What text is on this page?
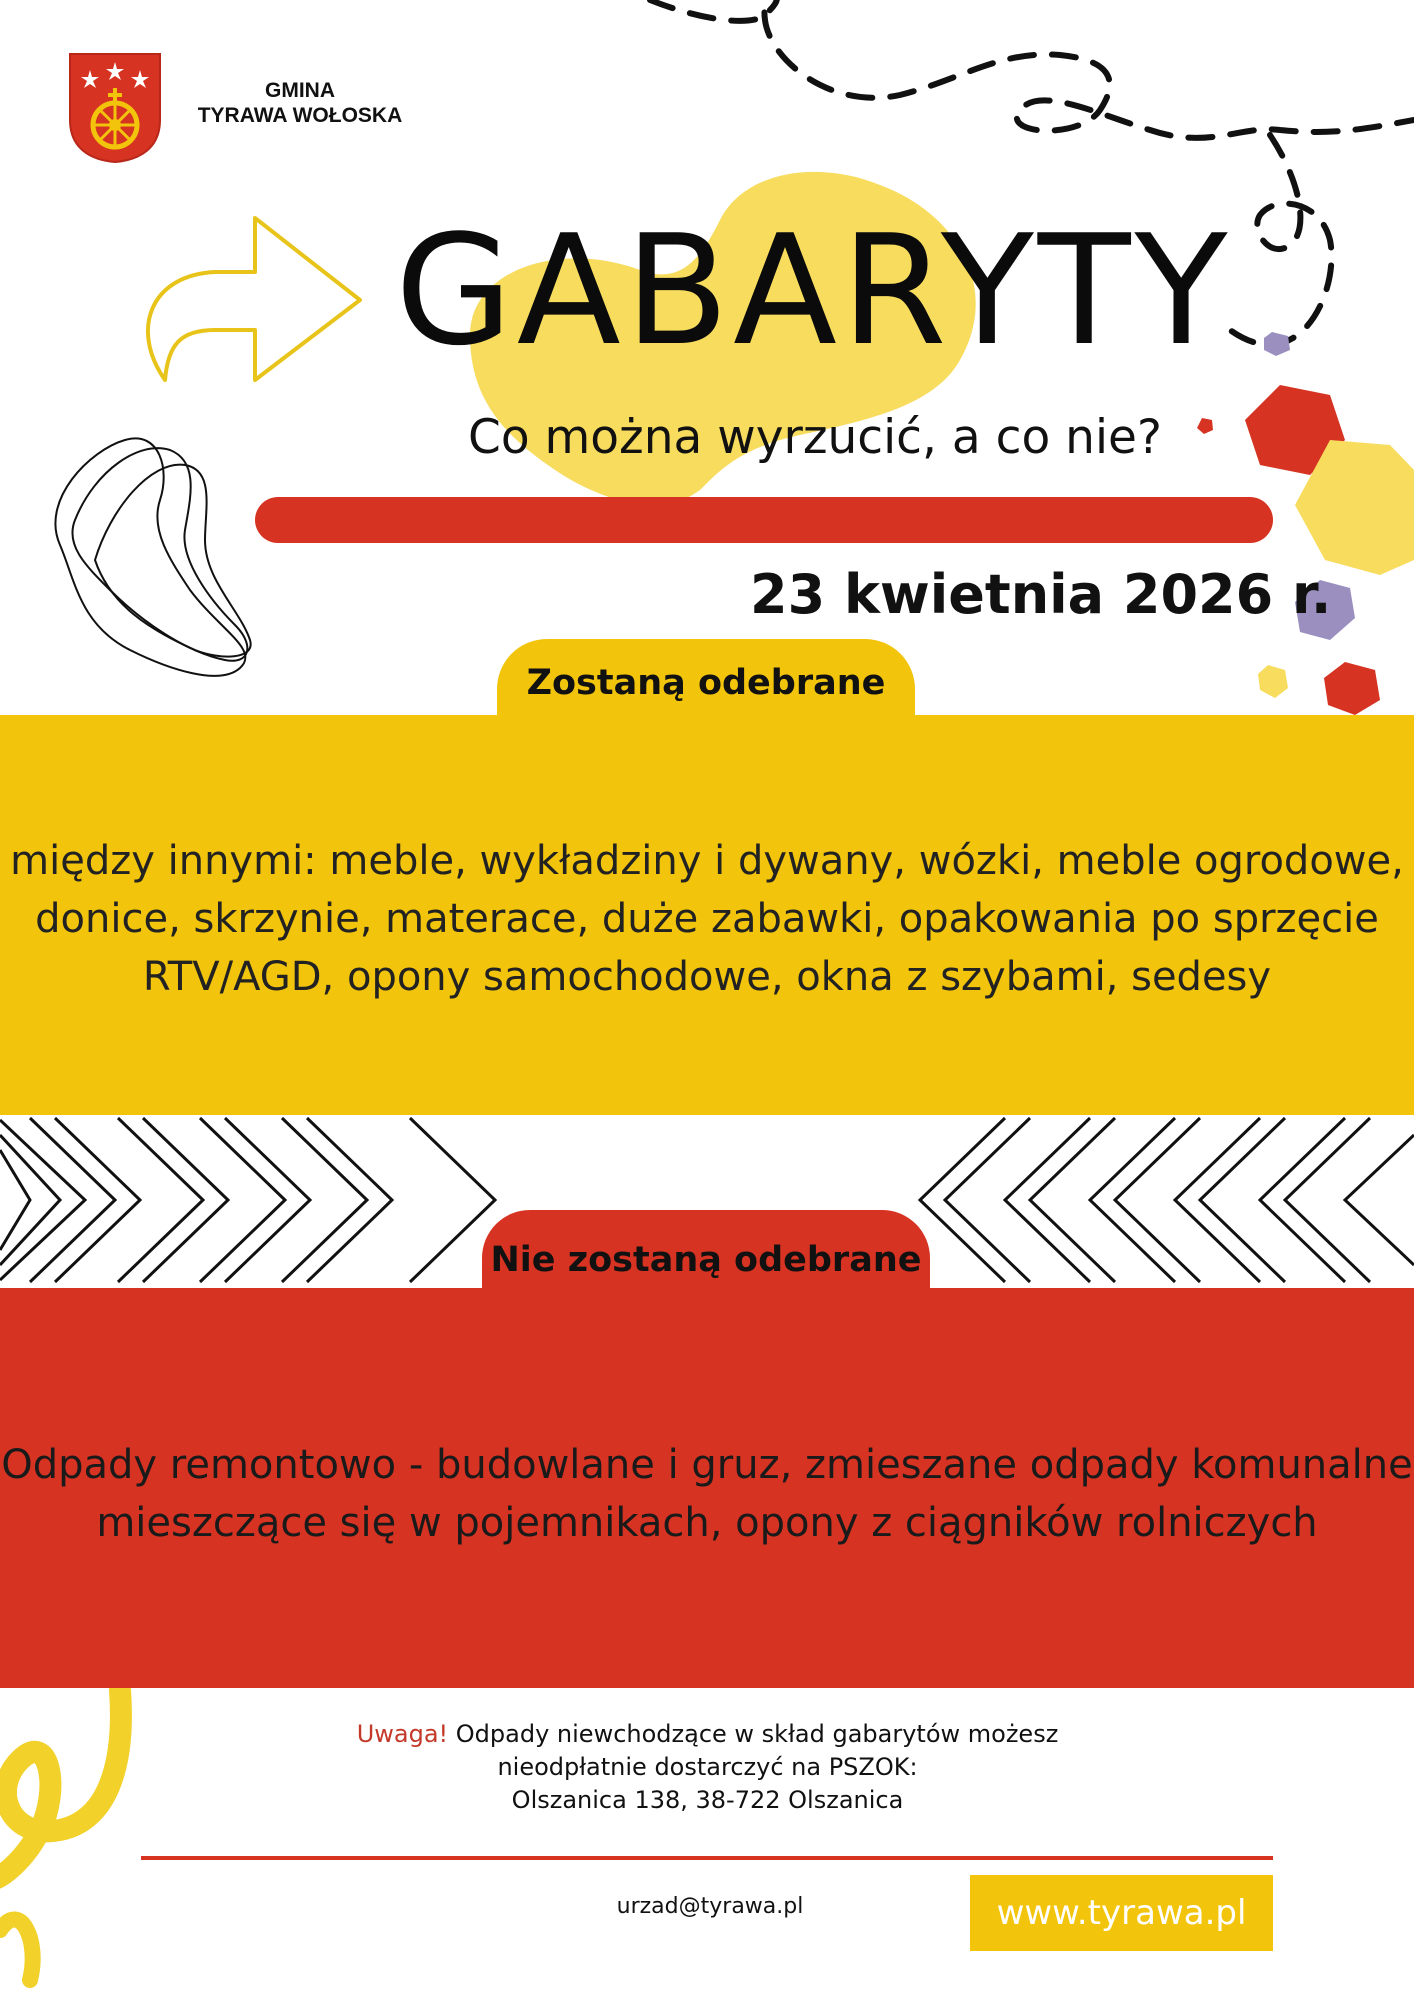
GMINA
TYRAWA WOŁOSKA
GABARYTY
Co można wyrzucić, a co nie?
23 kwietnia 2026 r.
Zostaną odebrane
między innymi: meble, wykładziny i dywany, wózki, meble ogrodowe, donice, skrzynie, materace, duże zabawki, opakowania po sprzęcie RTV/AGD, opony samochodowe, okna z szybami, sedesy
Nie zostaną odebrane
Odpady remontowo - budowlane i gruz, zmieszane odpady komunalne mieszczące się w pojemnikach, opony z ciągników rolniczych
Uwaga! Odpady niewchodzące w skład gabarytów możesz
nieodpłatnie dostarczyć na PSZOK:
Olszanica 138, 38-722 Olszanica
urzad@tyrawa.pl	www.tyrawa.pl
